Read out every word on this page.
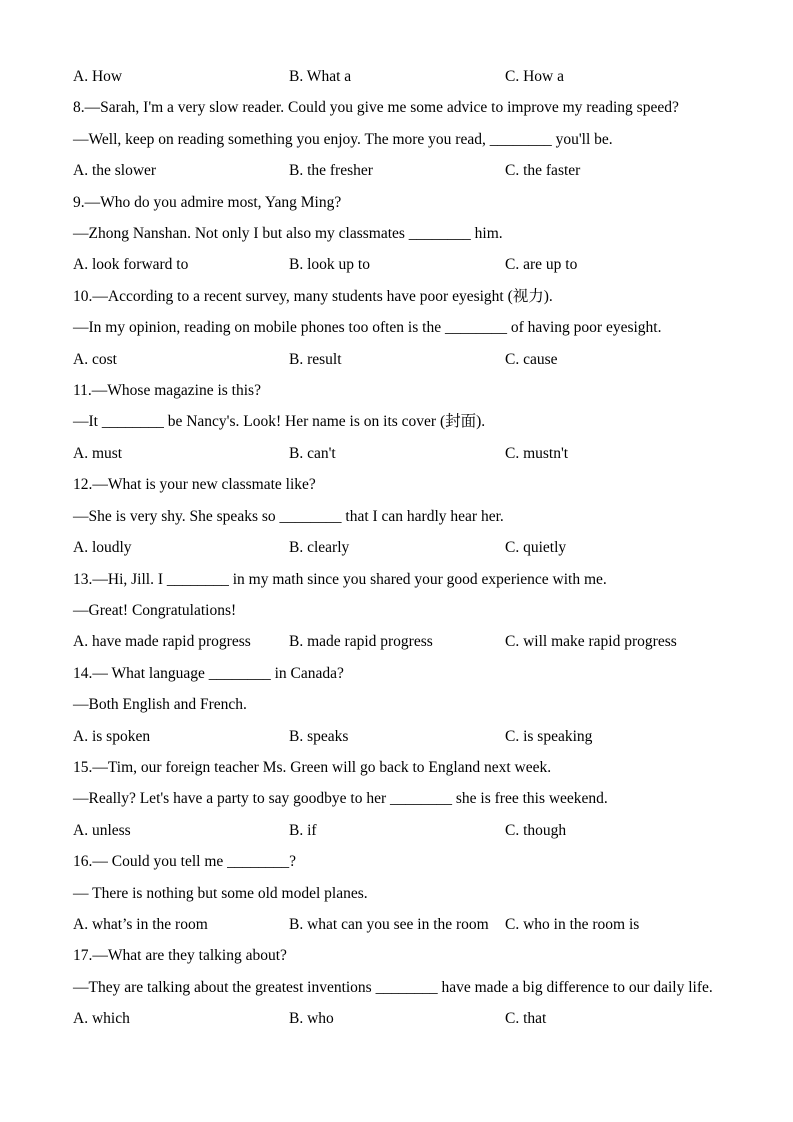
A. How	B. What a	C. How a

8.—Sarah, I'm a very slow reader. Could you give me some advice to improve my reading speed?

—Well, keep on reading something you enjoy. The more you read, ________ you'll be.

A. the slower	B. the fresher	C. the faster

9.—Who do you admire most, Yang Ming?

—Zhong Nanshan. Not only I but also my classmates ________ him.

A. look forward to	B. look up to	C. are up to

10.—According to a recent survey, many students have poor eyesight (视力).

—In my opinion, reading on mobile phones too often is the ________ of having poor eyesight.

A. cost	B. result	C. cause

11.—Whose magazine is this?

—It ________ be Nancy's. Look! Her name is on its cover (封面).

A. must	B. can't	C. mustn't

12.—What is your new classmate like?

—She is very shy. She speaks so ________ that I can hardly hear her.

A. loudly	B. clearly	C. quietly

13.—Hi, Jill. I ________ in my math since you shared your good experience with me.

—Great! Congratulations!

A. have made rapid progress	B. made rapid progress	C. will make rapid progress

14.— What language ________ in Canada?

—Both English and French.

A. is spoken	B. speaks	C. is speaking

15.—Tim, our foreign teacher Ms. Green will go back to England next week.

—Really? Let's have a party to say goodbye to her ________ she is free this weekend.

A. unless	B. if	C. though

16.— Could you tell me ________?

— There is nothing but some old model planes.

A. what’s in the room	B. what can you see in the room	C. who in the room is

17.—What are they talking about?

—They are talking about the greatest inventions ________ have made a big difference to our daily life.

A. which	B. who	C. that
